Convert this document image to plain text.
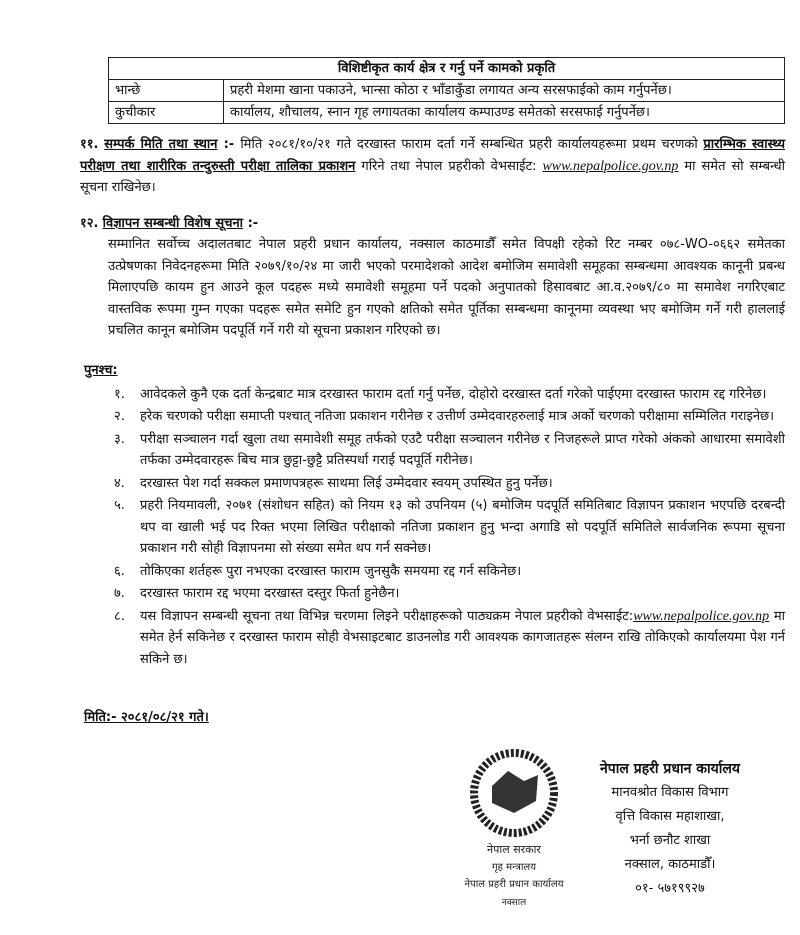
विशिष्टीकृत कार्य क्षेत्र र गर्नु पर्ने कामको प्रकृति	
भान्छे	प्रहरी मेशमा खाना पकाउने, भान्सा कोठा र भाँडाकुँडा लगायत अन्य सरसफाईको काम गर्नुपर्नेछ।
कुचीकार	कार्यालय, शौचालय, स्नान गृह लगायतका कार्यालय कम्पाउण्ड समेतको सरसफाई गर्नुपर्नेछ।
११. सम्पर्क मिति तथा स्थान :- मिति २०८१/१०/२१ गते दरखास्त फाराम दर्ता गर्ने सम्बन्धित प्रहरी कार्यालयहरूमा प्रथम चरणको प्रारम्भिक स्वास्थ्य परीक्षण तथा शारीरिक तन्दुरुस्ती परीक्षा तालिका प्रकाशन गरिने तथा नेपाल प्रहरीको वेभसाईट: www.nepalpolice.gov.np मा समेत सो सम्बन्धी सूचना राखिनेछ।
१२. विज्ञापन सम्बन्धी विशेष सूचना :-
सम्मानित सर्वोच्च अदालतबाट नेपाल प्रहरी प्रधान कार्यालय, नक्साल काठमाडौँ समेत विपक्षी रहेको रिट नम्बर ०७८-WO-०६६२ समेतका उत्प्रेषणका निवेदनहरूमा मिति २०७९/१०/२४ मा जारी भएको परमादेशको आदेश बमोजिम समावेशी समूहका सम्बन्धमा आवश्यक कानूनी प्रबन्ध मिलाएपछि कायम हुन आउने कूल पदहरू मध्ये समावेशी समूहमा पर्ने पदको अनुपातको हिसावबाट आ.व.२०७९/८० मा समावेश नगरिएबाट वास्तविक रूपमा गुम्न गएका पदहरू समेत समेटि हुन गएको क्षतिको समेत पूर्तिका सम्बन्धमा कानूनमा व्यवस्था भए बमोजिम गर्ने गरी हाललाई प्रचलित कानून बमोजिम पदपूर्ति गर्ने गरी यो सूचना प्रकाशन गरिएको छ।
पुनश्च:
१. आवेदकले कुनै एक दर्ता केन्द्रबाट मात्र दरखास्त फाराम दर्ता गर्नु पर्नेछ, दोहोरो दरखास्त दर्ता गरेको पाईएमा दरखास्त फाराम रद्द गरिनेछ।
२. हरेक चरणको परीक्षा समाप्ती पश्चात् नतिजा प्रकाशन गरीनेछ र उत्तीर्ण उम्मेदवारहरुलाई मात्र अर्को चरणको परीक्षामा सम्मिलित गराइनेछ।
३. परीक्षा सञ्चालन गर्दा खुला तथा समावेशी समूह तर्फको एउटै परीक्षा सञ्चालन गरीनेछ र निजहरूले प्राप्त गरेको अंकको आधारमा समावेशी तर्फका उम्मेदवारहरू बिच मात्र छुट्टा-छुट्टै प्रतिस्पर्धा गराई पदपूर्ति गरीनेछ।
४. दरखास्त पेश गर्दा सक्कल प्रमाणपत्रहरू साथमा लिई उम्मेदवार स्वयम् उपस्थित हुनु पर्नेछ।
५. प्रहरी नियमावली, २०७१ (संशोधन सहित) को नियम १३ को उपनियम (५) बमोजिम पदपूर्ति समितिबाट विज्ञापन प्रकाशन भएपछि दरबन्दी थप वा खाली भई पद रिक्त भएमा लिखित परीक्षाको नतिजा प्रकाशन हुनु भन्दा अगाडि सो पदपूर्ति समितिले सार्वजनिक रूपमा सूचना प्रकाशन गरी सोही विज्ञापनमा सो संख्या समेत थप गर्न सक्नेछ।
६. तोकिएका शर्तहरू पुरा नभएका दरखास्त फाराम जुनसुकै समयमा रद्द गर्न सकिनेछ।
७. दरखास्त फाराम रद्द भएमा दरखास्त दस्तुर फिर्ता हुनेछैन।
८. यस विज्ञापन सम्बन्धी सूचना तथा विभिन्न चरणमा लिइने परीक्षाहरूको पाठ्यक्रम नेपाल प्रहरीको वेभसाईट:www.nepalpolice.gov.np मा समेत हेर्न सकिनेछ र दरखास्त फाराम सोही वेभसाइटबाट डाउनलोड गरी आवश्यक कागजातहरू संलग्न राखि तोकिएको कार्यालयमा पेश गर्न सकिने छ।
मिति:- २०८१/०८/२१ गते।
नेपाल सरकार
गृह मन्त्रालय
नेपाल प्रहरी प्रधान कार्यालय
नक्साल
नेपाल प्रहरी प्रधान कार्यालय
मानवश्रोत विकास विभाग
वृत्ति विकास महाशाखा,
भर्ना छनौट शाखा
नक्साल, काठमाडौँ।
०१- ५७१९९२७
